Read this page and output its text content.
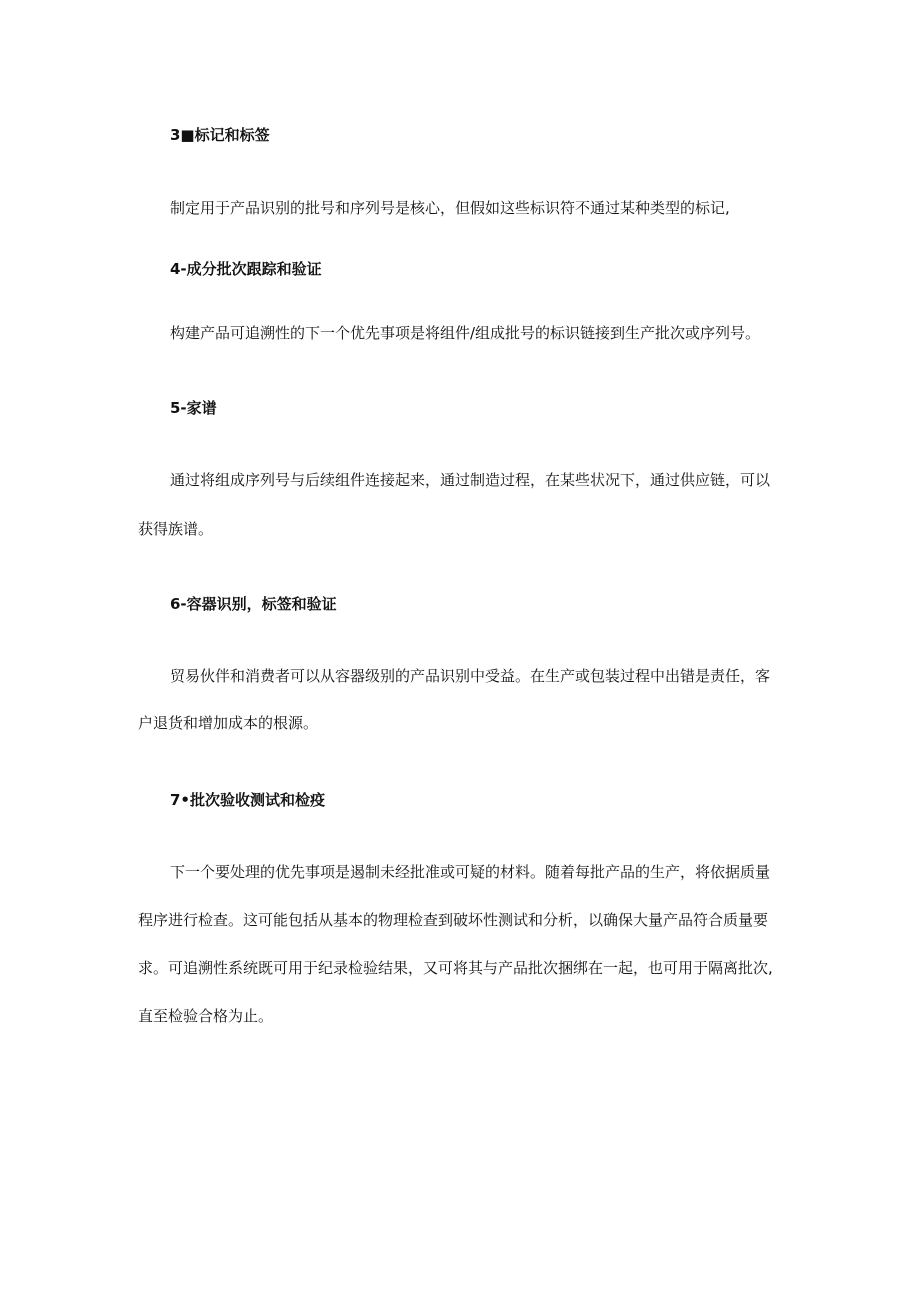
3■标记和标签
制定用于产品识别的批号和序列号是核心，但假如这些标识符不通过某种类型的标记,
4-成分批次跟踪和验证
构建产品可追溯性的下一个优先事项是将组件/组成批号的标识链接到生产批次或序列号。
5-家谱
通过将组成序列号与后续组件连接起来，通过制造过程，在某些状况下，通过供应链，可以
获得族谱。
6-容器识别，标签和验证
贸易伙伴和消费者可以从容器级别的产品识别中受益。在生产或包装过程中出错是责任，客
户退货和增加成本的根源。
7•批次验收测试和检疫
下一个要处理的优先事项是遏制未经批准或可疑的材料。随着每批产品的生产，将依据质量
程序进行检查。这可能包括从基本的物理检查到破坏性测试和分析，以确保大量产品符合质量要
求。可追溯性系统既可用于纪录检验结果，又可将其与产品批次捆绑在一起，也可用于隔离批次,
直至检验合格为止。
